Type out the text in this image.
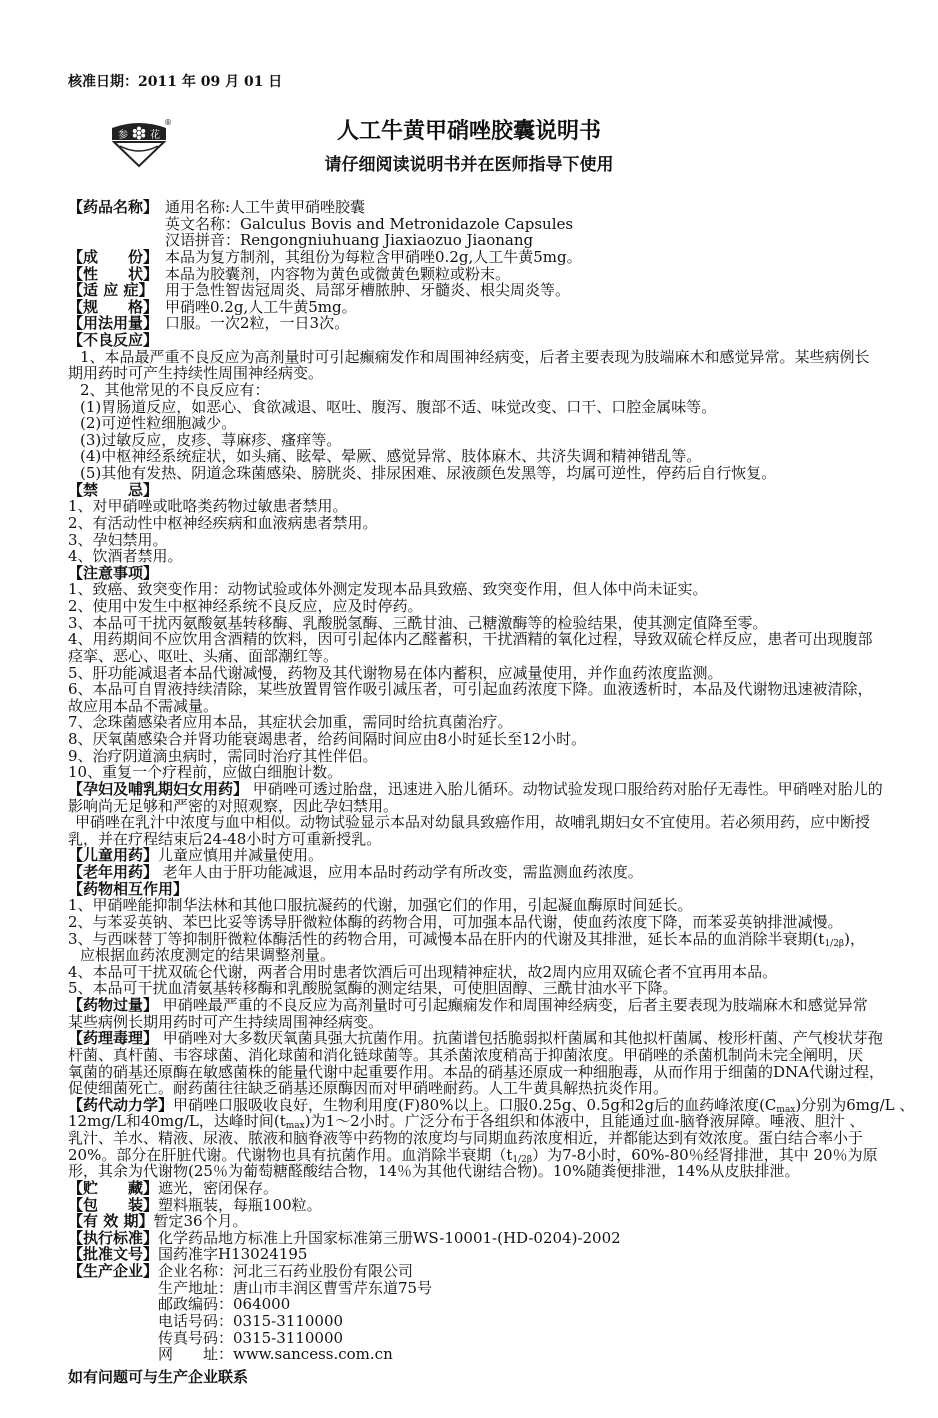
核准日期：2011 年 09 月 01 日
参 花
®	人工牛黄甲硝唑胶囊说明书
请仔细阅读说明书并在医师指导下使用
【药品名称】 通用名称:人工牛黄甲硝唑胶囊
英文名称：Galculus Bovis and Metronidazole Capsules
汉语拼音：Rengongniuhuang Jiaxiaozuo Jiaonang
【成　　份】 本品为复方制剂，其组份为每粒含甲硝唑0.2g,人工牛黄5mg。
【性　　状】 本品为胶囊剂，内容物为黄色或微黄色颗粒或粉末。
【适 应 症】 用于急性智齿冠周炎、局部牙槽脓肿、牙髓炎、根尖周炎等。
【规　　格】 甲硝唑0.2g,人工牛黄5mg。
【用法用量】 口服。一次2粒，一日3次。
【不良反应】
1、本品最严重不良反应为高剂量时可引起癫痫发作和周围神经病变，后者主要表现为肢端麻木和感觉异常。某些病例长
期用药时可产生持续性周围神经病变。
2、其他常见的不良反应有：
(1)胃肠道反应，如恶心、食欲减退、呕吐、腹泻、腹部不适、味觉改变、口干、口腔金属味等。
(2)可逆性粒细胞减少。
(3)过敏反应，皮疹、荨麻疹、瘙痒等。
(4)中枢神经系统症状，如头痛、眩晕、晕厥、感觉异常、肢体麻木、共济失调和精神错乱等。
(5)其他有发热、阴道念珠菌感染、膀胱炎、排尿困难、尿液颜色发黑等，均属可逆性，停药后自行恢复。
【禁　　忌】
1、对甲硝唑或吡咯类药物过敏患者禁用。
2、有活动性中枢神经疾病和血液病患者禁用。
3、孕妇禁用。
4、饮酒者禁用。
【注意事项】
1、致癌、致突变作用：动物试验或体外测定发现本品具致癌、致突变作用，但人体中尚未证实。
2、使用中发生中枢神经系统不良反应，应及时停药。
3、本品可干扰丙氨酸氨基转移酶、乳酸脱氢酶、三酰甘油、己糖激酶等的检验结果，使其测定值降至零。
4、用药期间不应饮用含酒精的饮料，因可引起体内乙醛蓄积，干扰酒精的氧化过程，导致双硫仑样反应，患者可出现腹部
痉挛、恶心、呕吐、头痛、面部潮红等。
5、肝功能减退者本品代谢减慢，药物及其代谢物易在体内蓄积，应减量使用，并作血药浓度监测。
6、本品可自胃液持续清除，某些放置胃管作吸引减压者，可引起血药浓度下降。血液透析时，本品及代谢物迅速被清除，
故应用本品不需减量。
7、念珠菌感染者应用本品，其症状会加重，需同时给抗真菌治疗。
8、厌氧菌感染合并肾功能衰竭患者，给药间隔时间应由8小时延长至12小时。
9、治疗阴道滴虫病时，需同时治疗其性伴侣。
10、重复一个疗程前，应做白细胞计数。
【孕妇及哺乳期妇女用药】 甲硝唑可透过胎盘，迅速进入胎儿循环。动物试验发现口服给药对胎仔无毒性。甲硝唑对胎儿的
影响尚无足够和严密的对照观察，因此孕妇禁用。
甲硝唑在乳汁中浓度与血中相似。动物试验显示本品对幼鼠具致癌作用，故哺乳期妇女不宜使用。若必须用药，应中断授
乳，并在疗程结束后24-48小时方可重新授乳。
【儿童用药】儿童应慎用并减量使用。
【老年用药】 老年人由于肝功能减退，应用本品时药动学有所改变，需监测血药浓度。
【药物相互作用】
1、甲硝唑能抑制华法林和其他口服抗凝药的代谢，加强它们的作用，引起凝血酶原时间延长。
2、与苯妥英钠、苯巴比妥等诱导肝微粒体酶的药物合用，可加强本品代谢，使血药浓度下降，而苯妥英钠排泄减慢。
3、与西咪替丁等抑制肝微粒体酶活性的药物合用，可减慢本品在肝内的代谢及其排泄，延长本品的血消除半衰期$(t_{1/2\beta})$，
应根据血药浓度测定的结果调整剂量。
4、本品可干扰双硫仑代谢，两者合用时患者饮酒后可出现精神症状，故2周内应用双硫仑者不宜再用本品。
5、本品可干扰血清氨基转移酶和乳酸脱氢酶的测定结果，可使胆固醇、三酰甘油水平下降。
【药物过量】 甲硝唑最严重的不良反应为高剂量时可引起癫痫发作和周围神经病变，后者主要表现为肢端麻木和感觉异常
某些病例长期用药时可产生持续周围神经病变。
【药理毒理】 甲硝唑对大多数厌氧菌具强大抗菌作用。抗菌谱包括脆弱拟杆菌属和其他拟杆菌属、梭形杆菌、产气梭状芽孢
杆菌、真杆菌、韦容球菌、消化球菌和消化链球菌等。其杀菌浓度稍高于抑菌浓度。甲硝唑的杀菌机制尚未完全阐明，厌
氧菌的硝基还原酶在敏感菌株的能量代谢中起重要作用。本品的硝基还原成一种细胞毒，从而作用于细菌的DNA代谢过程，
促使细菌死亡。耐药菌往往缺乏硝基还原酶因而对甲硝唑耐药。人工牛黄具解热抗炎作用。
【药代动力学】甲硝唑口服吸收良好，生物利用度(F)80%以上。口服0.25g、0.5g和2g后的血药峰浓度$(C_{max})$分别为6mg/L 、
12mg/L和40mg/L，达峰时间$(t_{max})$为1～2小时。广泛分布于各组织和体液中，且能通过血-脑脊液屏障。唾液、胆汁 、
乳汁、羊水、精液、尿液、脓液和脑脊液等中药物的浓度均与同期血药浓度相近，并都能达到有效浓度。蛋白结合率小于
20%。部分在肝脏代谢。代谢物也具有抗菌作用。血消除半衰期$(t_{1/2\beta})$为7-8小时，60%-80％经肾排泄，其中 20％为原
形，其余为代谢物(25％为葡萄糖醛酸结合物，14％为其他代谢结合物)。10%随粪便排泄，14%从皮肤排泄。
【贮　　藏】遮光，密闭保存。
【包　　装】塑料瓶装，每瓶100粒。
【有 效 期】暂定36个月。
【执行标准】化学药品地方标准上升国家标准第三册WS-10001-(HD-0204)-2002
【批准文号】国药准字H13024195
【生产企业】企业名称：河北三石药业股份有限公司
生产地址：唐山市丰润区曹雪芹东道75号
邮政编码：064000
电话号码：0315-3110000
传真号码：0315-3110000
网　　址：www.sancess.com.cn
如有问题可与生产企业联系
